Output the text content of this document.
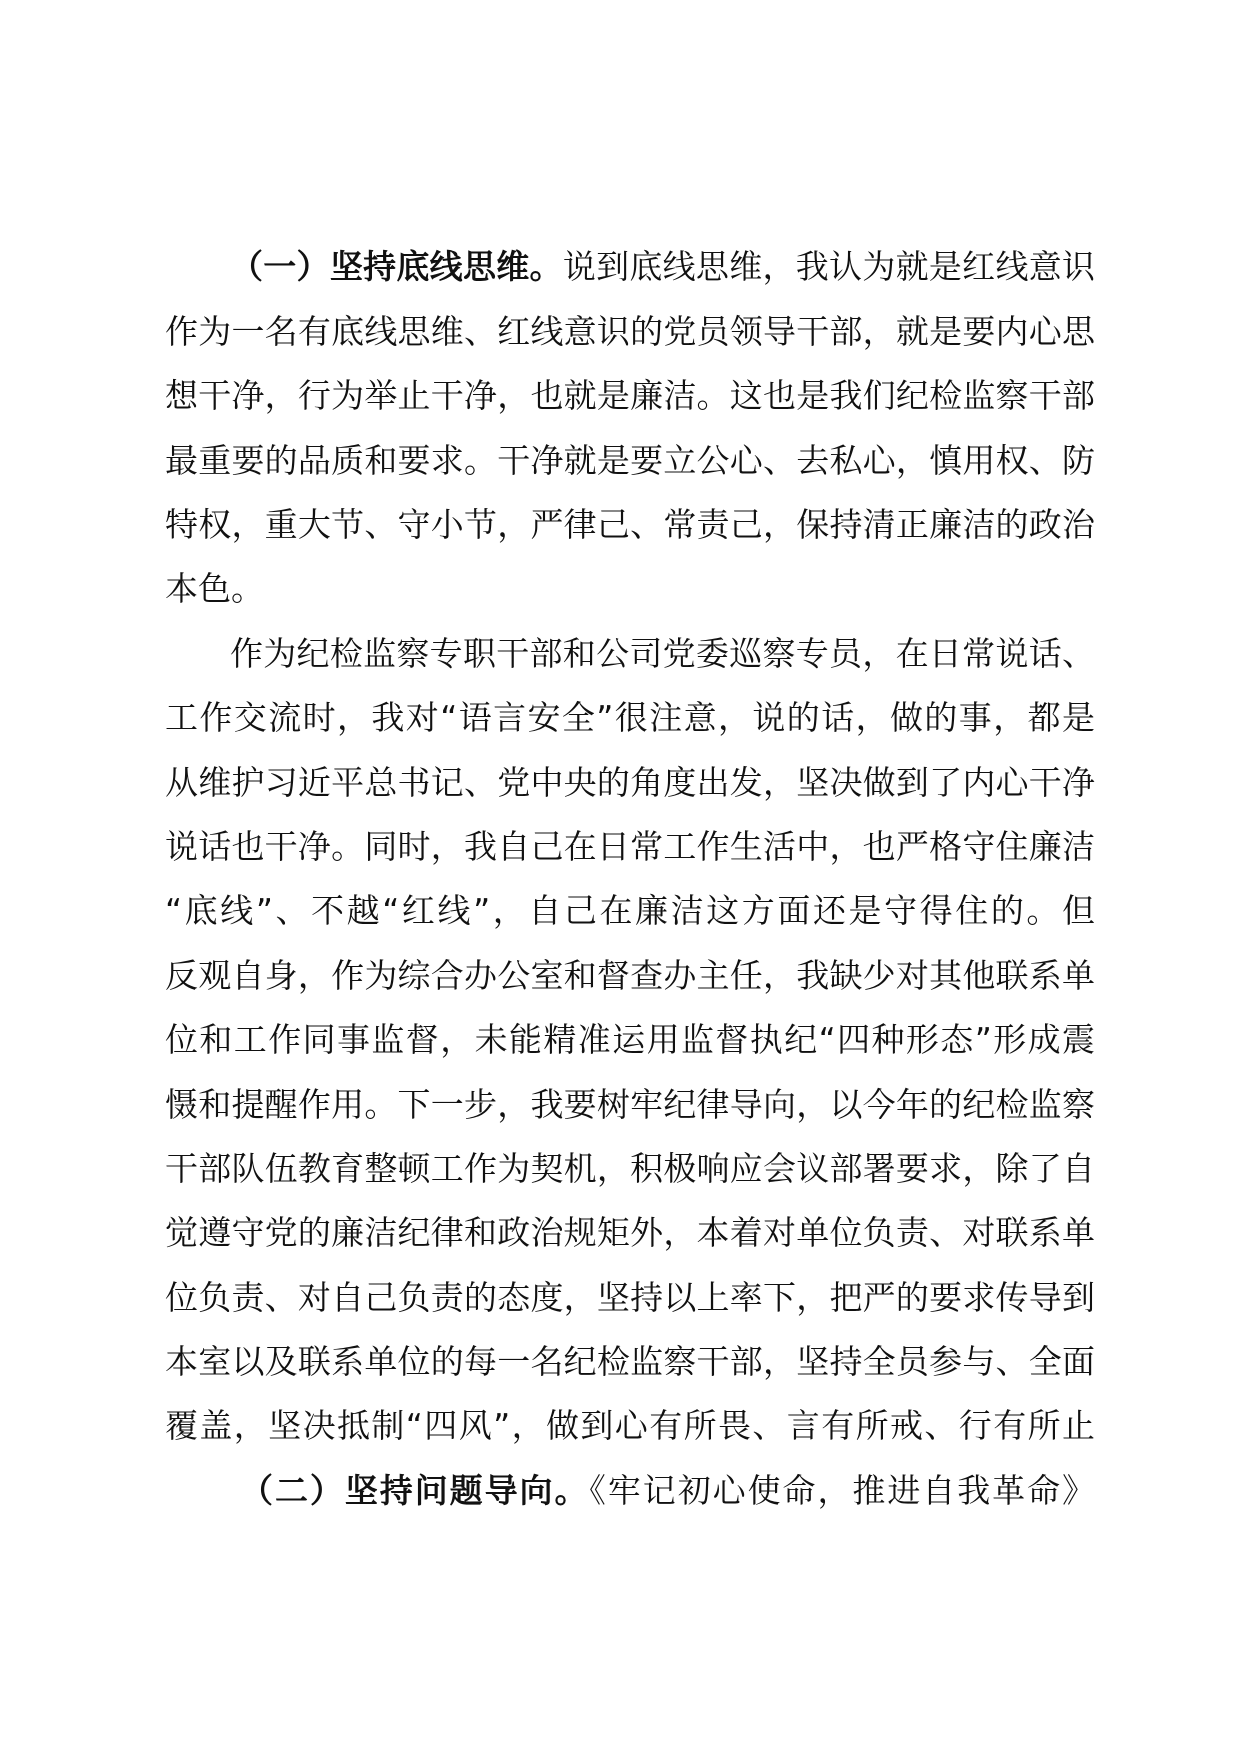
（一）坚持底线思维。说到底线思维，我认为就是红线意识
作为一名有底线思维、红线意识的党员领导干部，就是要内心思
想干净，行为举止干净，也就是廉洁。这也是我们纪检监察干部
最重要的品质和要求。干净就是要立公心、去私心，慎用权、防
特权，重大节、守小节，严律己、常责己，保持清正廉洁的政治
本色。
作为纪检监察专职干部和公司党委巡察专员，在日常说话、
工作交流时，我对“语言安全”很注意，说的话，做的事，都是
从维护习近平总书记、党中央的角度出发，坚决做到了内心干净
说话也干净。同时，我自己在日常工作生活中，也严格守住廉洁
“底线”、不越“红线”，自己在廉洁这方面还是守得住的。但
反观自身，作为综合办公室和督查办主任，我缺少对其他联系单
位和工作同事监督，未能精准运用监督执纪“四种形态”形成震
慑和提醒作用。下一步，我要树牢纪律导向，以今年的纪检监察
干部队伍教育整顿工作为契机，积极响应会议部署要求，除了自
觉遵守党的廉洁纪律和政治规矩外，本着对单位负责、对联系单
位负责、对自己负责的态度，坚持以上率下，把严的要求传导到
本室以及联系单位的每一名纪检监察干部，坚持全员参与、全面
覆盖，坚决抵制“四风”，做到心有所畏、言有所戒、行有所止
（二）坚持问题导向。《牢记初心使命，推进自我革命》
